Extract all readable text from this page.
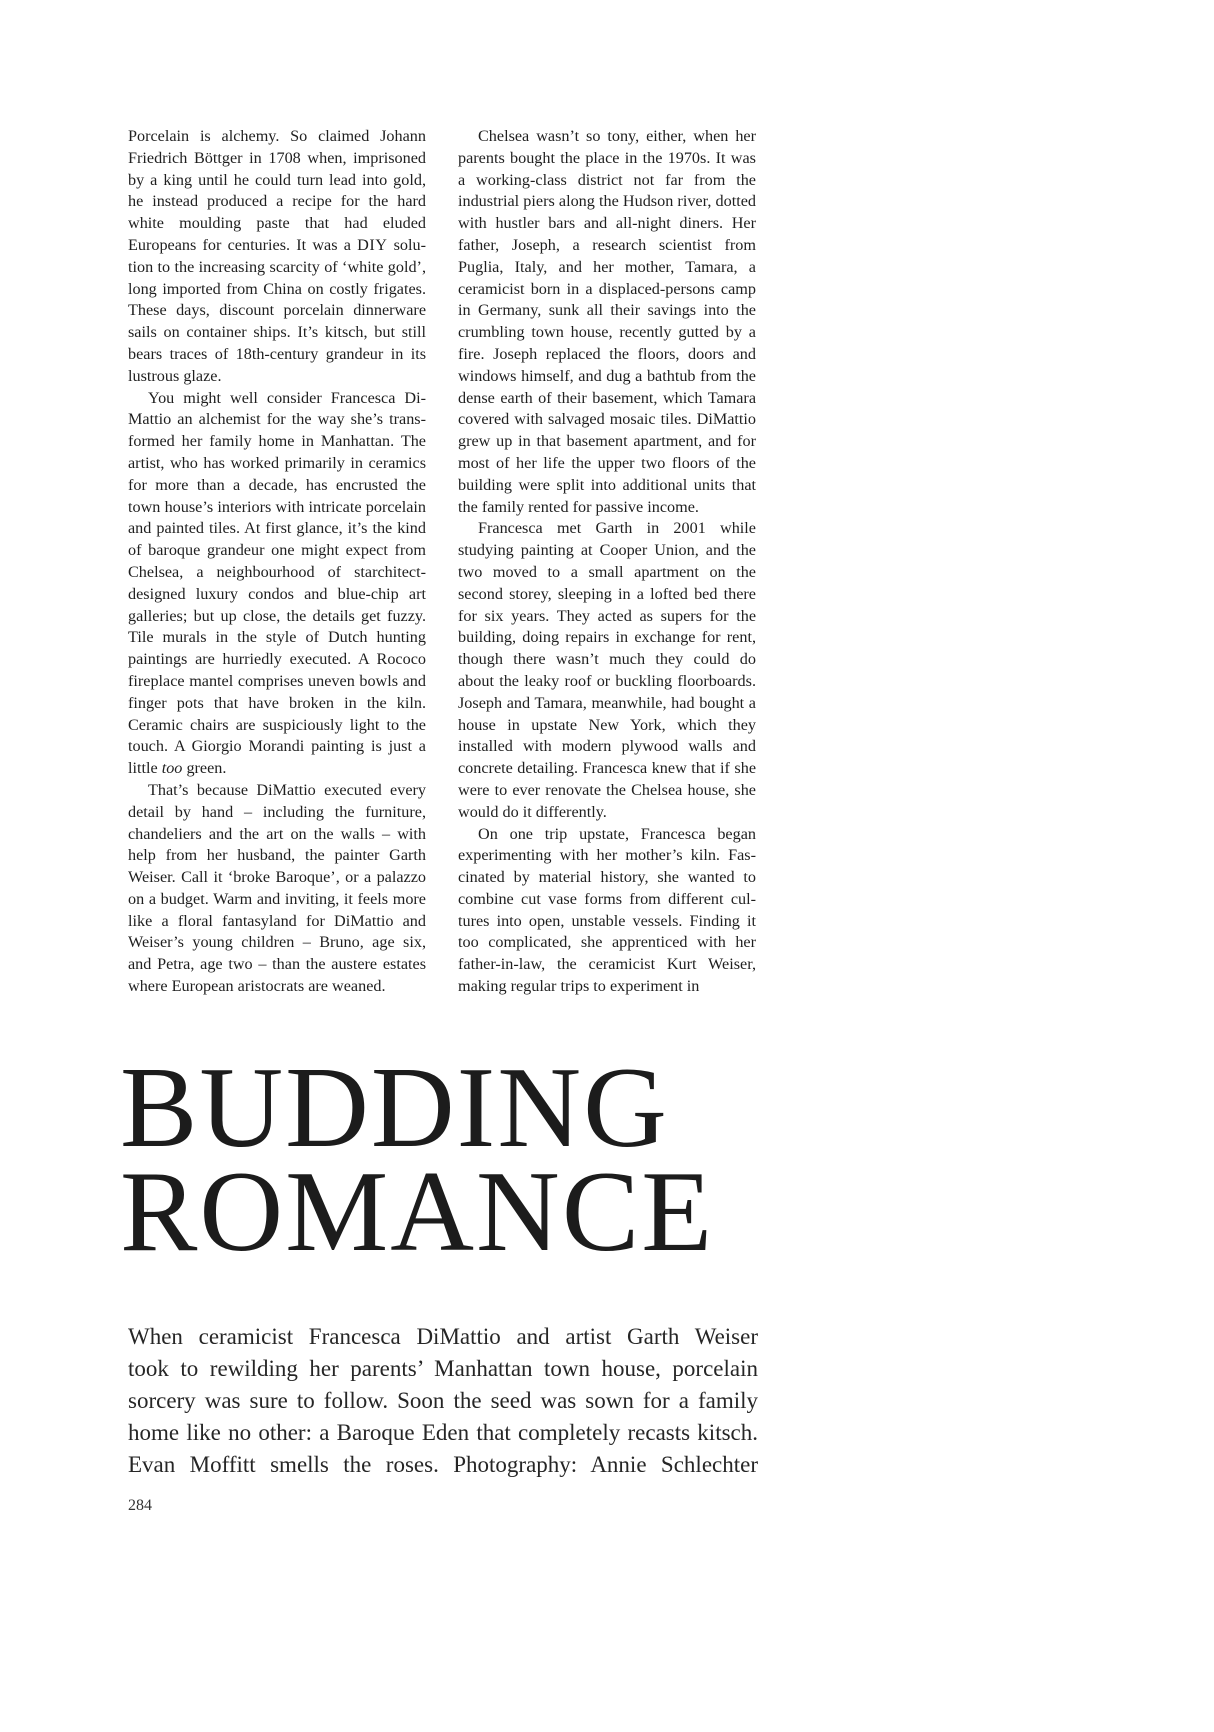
Porcelain is alchemy. So claimed Johann Friedrich Böttger in 1708 when, imprisoned by a king until he could turn lead into gold, he instead produced a recipe for the hard white moulding paste that had eluded Europeans for centuries. It was a DIY solution to the increasing scarcity of ‘white gold’, long imported from China on costly frigates. These days, discount porcelain dinnerware sails on container ships. It’s kitsch, but still bears traces of 18th-century grandeur in its lustrous glaze.

You might well consider Francesca DiMattio an alchemist for the way she’s transformed her family home in Manhattan. The artist, who has worked primarily in ceramics for more than a decade, has encrusted the town house’s interiors with intricate porcelain and painted tiles. At first glance, it’s the kind of baroque grandeur one might expect from Chelsea, a neighbourhood of starchitect-designed luxury condos and blue-chip art galleries; but up close, the details get fuzzy. Tile murals in the style of Dutch hunting paintings are hurriedly executed. A Rococo fireplace mantel comprises uneven bowls and finger pots that have broken in the kiln. Ceramic chairs are suspiciously light to the touch. A Giorgio Morandi painting is just a little too green.

That’s because DiMattio executed every detail by hand – including the furniture, chandeliers and the art on the walls – with help from her husband, the painter Garth Weiser. Call it ‘broke Baroque’, or a palazzo on a budget. Warm and inviting, it feels more like a floral fantasyland for DiMattio and Weiser’s young children – Bruno, age six, and Petra, age two – than the austere estates where European aristocrats are weaned.

Chelsea wasn’t so tony, either, when her parents bought the place in the 1970s. It was a working-class district not far from the industrial piers along the Hudson river, dotted with hustler bars and all-night diners. Her father, Joseph, a research scientist from Puglia, Italy, and her mother, Tamara, a ceramicist born in a displaced-persons camp in Germany, sunk all their savings into the crumbling town house, recently gutted by a fire. Joseph replaced the floors, doors and windows himself, and dug a bathtub from the dense earth of their basement, which Tamara covered with salvaged mosaic tiles. DiMattio grew up in that basement apartment, and for most of her life the upper two floors of the building were split into additional units that the family rented for passive income.

Francesca met Garth in 2001 while studying painting at Cooper Union, and the two moved to a small apartment on the second storey, sleeping in a lofted bed there for six years. They acted as supers for the building, doing repairs in exchange for rent, though there wasn’t much they could do about the leaky roof or buckling floorboards. Joseph and Tamara, meanwhile, had bought a house in upstate New York, which they installed with modern plywood walls and concrete detailing. Francesca knew that if she were to ever renovate the Chelsea house, she would do it differently.

On one trip upstate, Francesca began experimenting with her mother’s kiln. Fascinated by material history, she wanted to combine cut vase forms from different cultures into open, unstable vessels. Finding it too complicated, she apprenticed with her father-in-law, the ceramicist Kurt Weiser, making regular trips to experiment in

BUDDING
ROMANCE

When ceramicist Francesca DiMattio and artist Garth Weiser
took to rewilding her parents’ Manhattan town house, porcelain
sorcery was sure to follow. Soon the seed was sown for a family
home like no other: a Baroque Eden that completely recasts kitsch.
Evan Moffitt smells the roses. Photography: Annie Schlechter

284
